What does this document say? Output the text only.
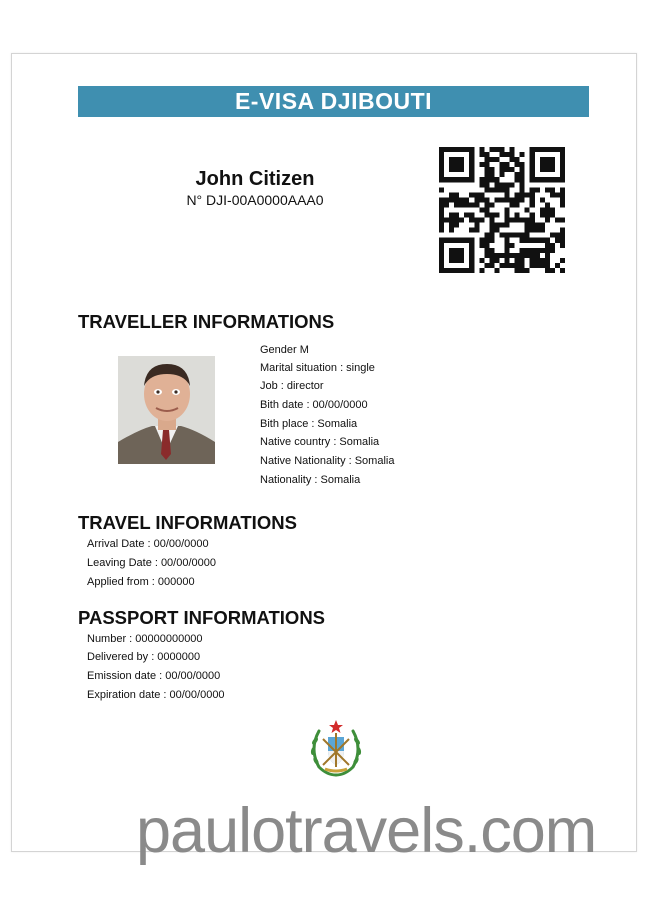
E-VISA DJIBOUTI
John Citizen
N° DJI-00A0000AAA0
TRAVELLER INFORMATIONS
Gender M
Marital situation : single
Job : director
Bith date : 00/00/0000
Bith place : Somalia
Native country : Somalia
Native Nationality : Somalia
Nationality : Somalia
TRAVEL INFORMATIONS
Arrival Date : 00/00/0000
Leaving Date : 00/00/0000
Applied from : 000000
PASSPORT INFORMATIONS
Number : 00000000000
Delivered by : 0000000
Emission date : 00/00/0000
Expiration date : 00/00/0000
paulotravels.com
